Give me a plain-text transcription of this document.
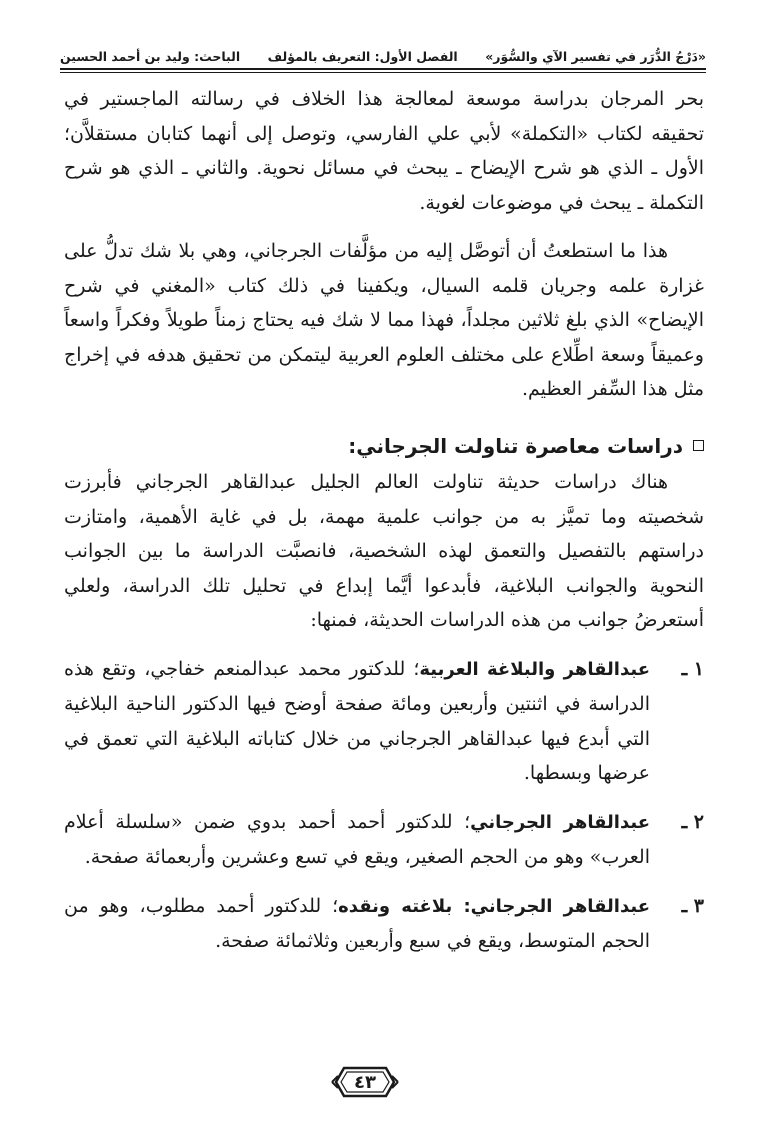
«دَرْجُ الدُّرَر في تفسير الآي والسُّوَر»
الفصل الأول: التعريف بالمؤلف
الباحث: وليد بن أحمد الحسين

بحر المرجان بدراسة موسعة لمعالجة هذا الخلاف في رسالته الماجستير في تحقيقه لكتاب «التكملة» لأبي علي الفارسي، وتوصل إلى أنهما كتابان مستقلاَّن؛ الأول ـ الذي هو شرح الإيضاح ـ يبحث في مسائل نحوية. والثاني ـ الذي هو شرح التكملة ـ يبحث في موضوعات لغوية.

هذا ما استطعتُ أن أتوصَّل إليه من مؤلَّفات الجرجاني، وهي بلا شك تدلُّ على غزارة علمه وجريان قلمه السيال، ويكفينا في ذلك كتاب «المغني في شرح الإيضاح» الذي بلغ ثلاثين مجلداً، فهذا مما لا شك فيه يحتاج زمناً طويلاً وفكراً واسعاً وعميقاً وسعة اطِّلاع على مختلف العلوم العربية ليتمكن من تحقيق هدفه في إخراج مثل هذا السِّفر العظيم.

دراسات معاصرة تناولت الجرجاني:

هناك دراسات حديثة تناولت العالم الجليل عبدالقاهر الجرجاني فأبرزت شخصيته وما تميَّز به من جوانب علمية مهمة، بل في غاية الأهمية، وامتازت دراستهم بالتفصيل والتعمق لهذه الشخصية، فانصبَّت الدراسة ما بين الجوانب النحوية والجوانب البلاغية، فأبدعوا أيَّما إبداع في تحليل تلك الدراسة، ولعلي أستعرضُ جوانب من هذه الدراسات الحديثة، فمنها:

١ ـ
عبدالقاهر والبلاغة العربية؛ للدكتور محمد عبدالمنعم خفاجي، وتقع هذه الدراسة في اثنتين وأربعين ومائة صفحة أوضح فيها الدكتور الناحية البلاغية التي أبدع فيها عبدالقاهر الجرجاني من خلال كتاباته البلاغية التي تعمق في عرضها وبسطها.
٢ ـ
عبدالقاهر الجرجاني؛ للدكتور أحمد أحمد بدوي ضمن «سلسلة أعلام العرب» وهو من الحجم الصغير، ويقع في تسع وعشرين وأربعمائة صفحة.
٣ ـ
عبدالقاهر الجرجاني: بلاغته ونقده؛ للدكتور أحمد مطلوب، وهو من الحجم المتوسط، ويقع في سبع وأربعين وثلاثمائة صفحة.
٤٣
